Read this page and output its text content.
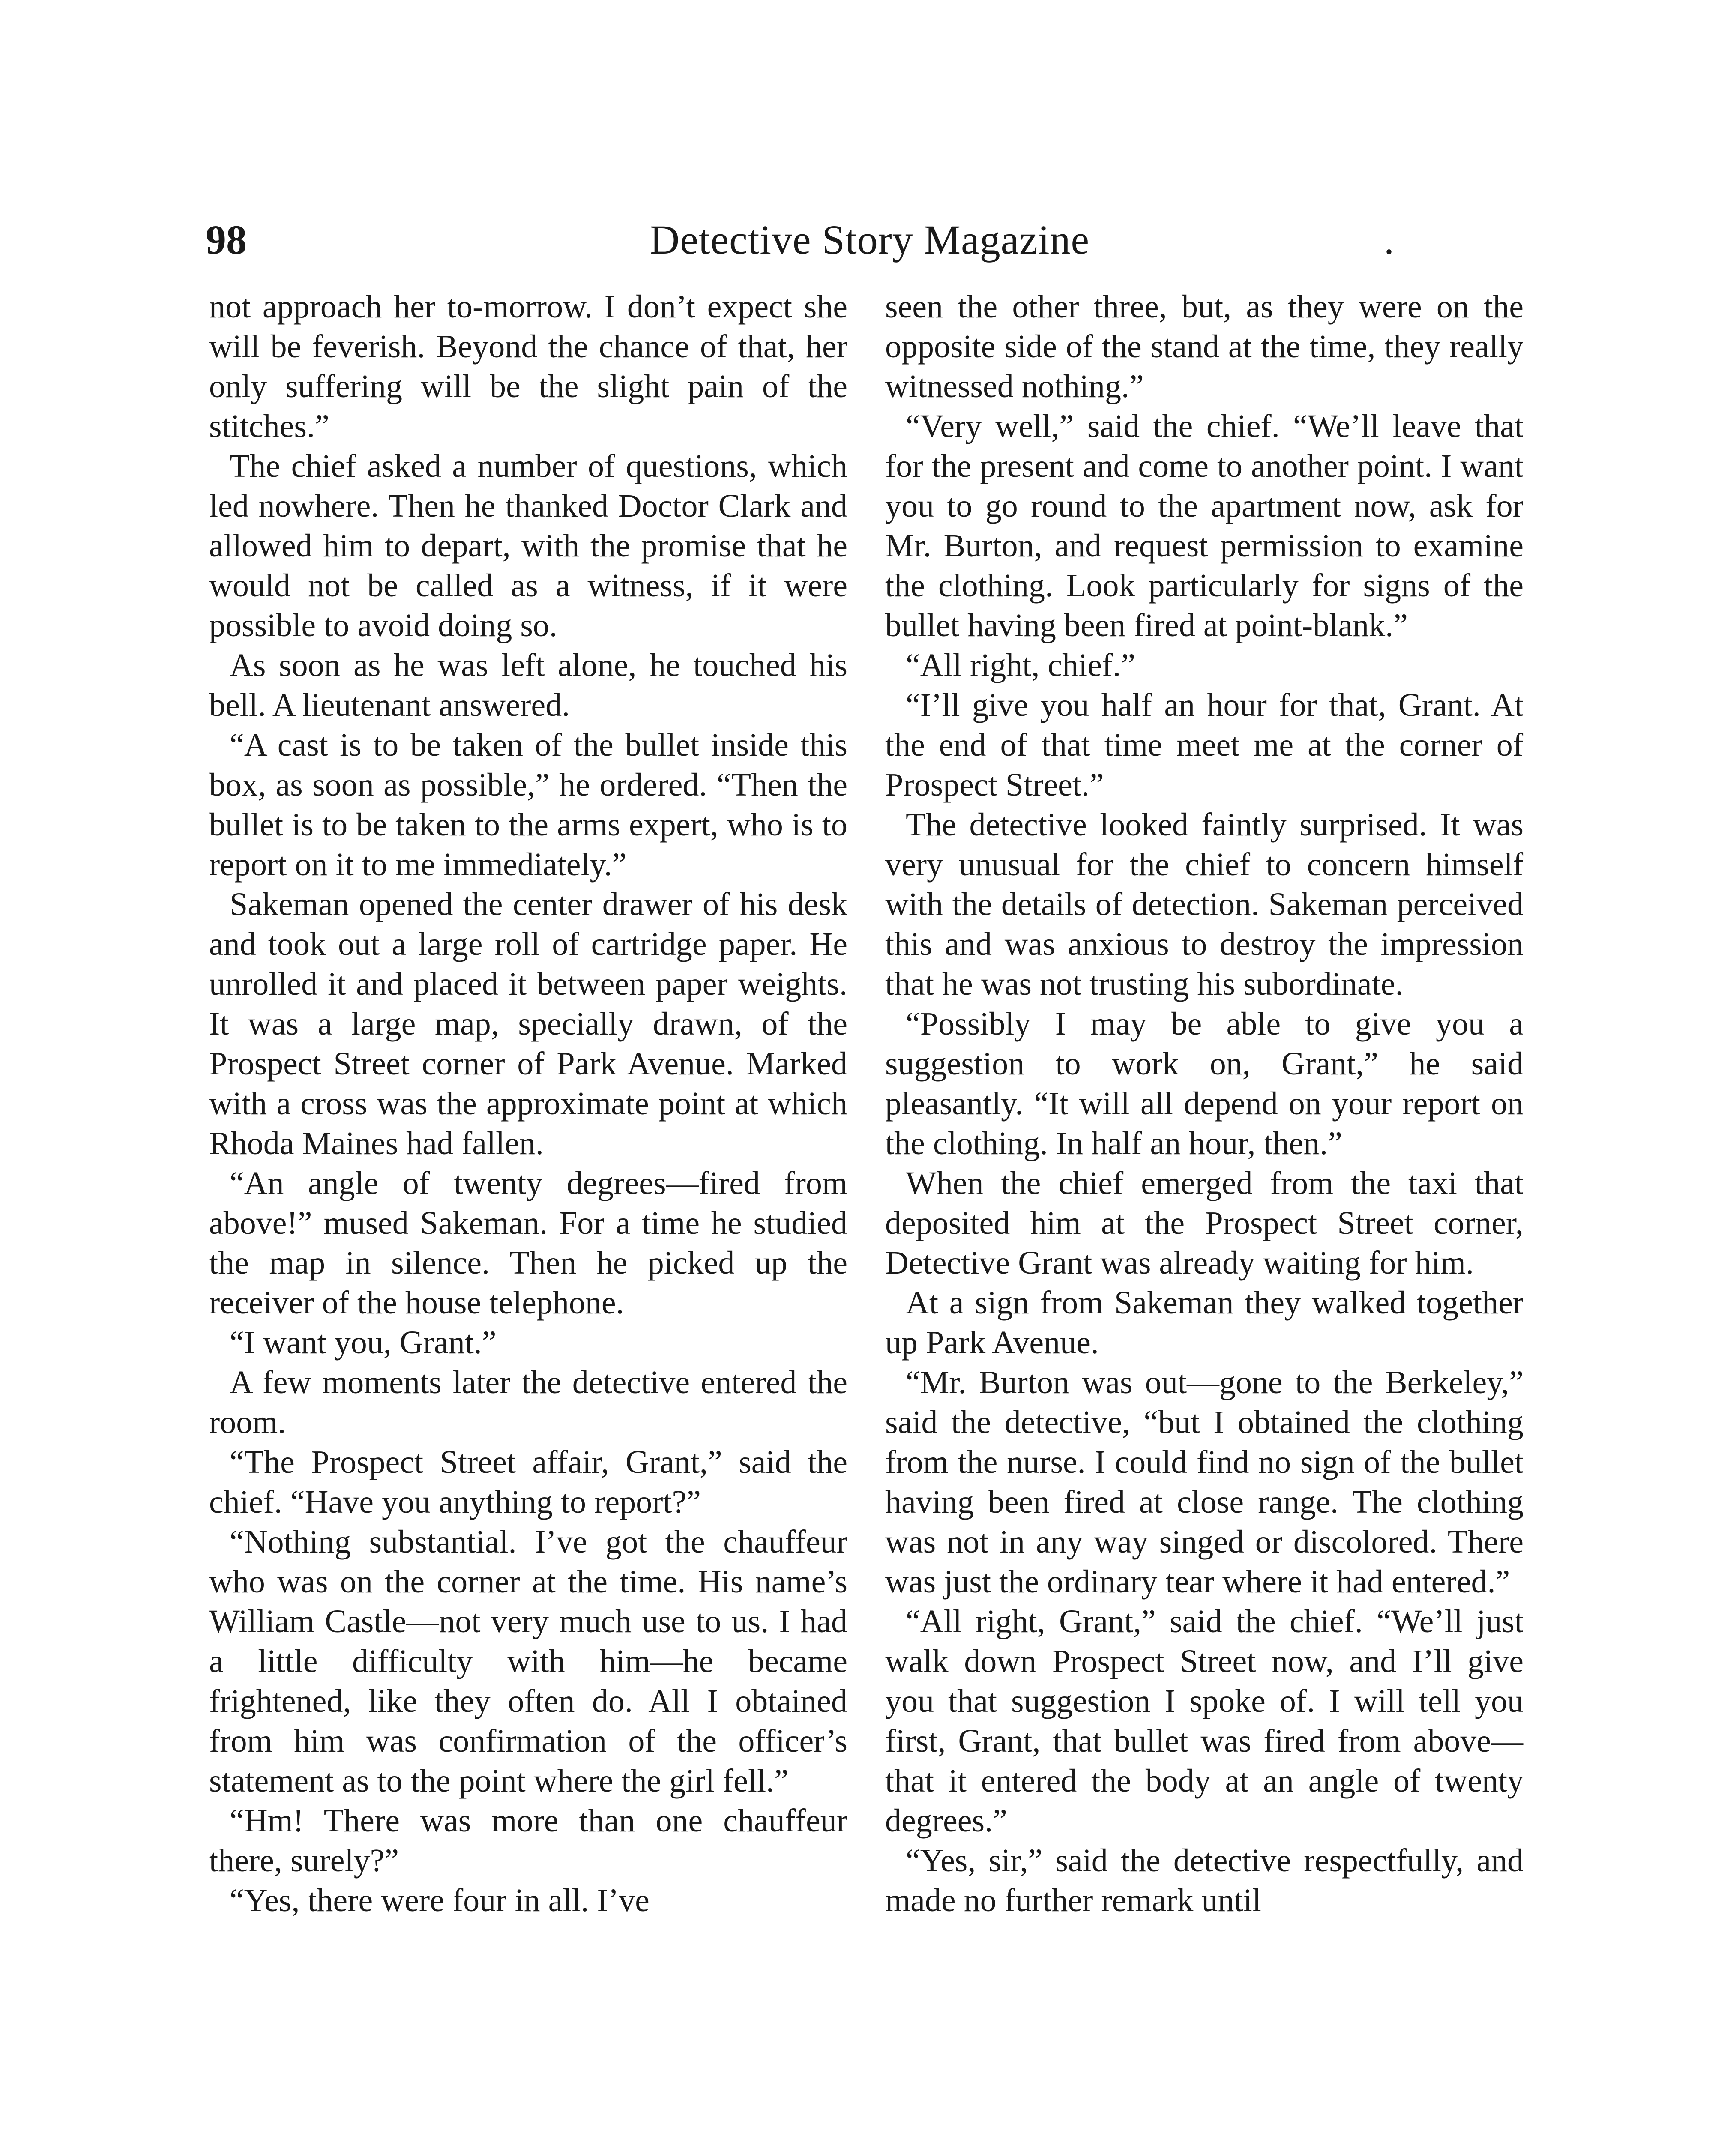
98	Detective Story Magazine	.

not approach her to-morrow. I don’t expect she will be feverish. Beyond the chance of that, her only suffering will be the slight pain of the stitches.”

The chief asked a number of questions, which led nowhere. Then he thanked Doctor Clark and allowed him to depart, with the promise that he would not be called as a witness, if it were possible to avoid doing so.

As soon as he was left alone, he touched his bell. A lieutenant answered.

“A cast is to be taken of the bullet inside this box, as soon as possible,” he ordered. “Then the bullet is to be taken to the arms expert, who is to report on it to me immediately.”

Sakeman opened the center drawer of his desk and took out a large roll of cartridge paper. He unrolled it and placed it between paper weights. It was a large map, specially drawn, of the Prospect Street corner of Park Avenue. Marked with a cross was the approximate point at which Rhoda Maines had fallen.

“An angle of twenty degrees—fired from above!” mused Sakeman. For a time he studied the map in silence. Then he picked up the receiver of the house telephone.

“I want you, Grant.”

A few moments later the detective entered the room.

“The Prospect Street affair, Grant,” said the chief. “Have you anything to report?”

“Nothing substantial. I’ve got the chauffeur who was on the corner at the time. His name’s William Castle—not very much use to us. I had a little difficulty with him—he became frightened, like they often do. All I obtained from him was confirmation of the officer’s statement as to the point where the girl fell.”

“Hm! There was more than one chauffeur there, surely?”

“Yes, there were four in all. I’ve

seen the other three, but, as they were on the opposite side of the stand at the time, they really witnessed nothing.”

“Very well,” said the chief. “We’ll leave that for the present and come to another point. I want you to go round to the apartment now, ask for Mr. Burton, and request permission to examine the clothing. Look particularly for signs of the bullet having been fired at point-blank.”

“All right, chief.”

“I’ll give you half an hour for that, Grant. At the end of that time meet me at the corner of Prospect Street.”

The detective looked faintly surprised. It was very unusual for the chief to concern himself with the details of detection. Sakeman perceived this and was anxious to destroy the impression that he was not trusting his subordinate.

“Possibly I may be able to give you a suggestion to work on, Grant,” he said pleasantly. “It will all depend on your report on the clothing. In half an hour, then.”

When the chief emerged from the taxi that deposited him at the Prospect Street corner, Detective Grant was already waiting for him.

At a sign from Sakeman they walked together up Park Avenue.

“Mr. Burton was out—gone to the Berkeley,” said the detective, “but I obtained the clothing from the nurse. I could find no sign of the bullet having been fired at close range. The clothing was not in any way singed or discolored. There was just the ordinary tear where it had entered.”

“All right, Grant,” said the chief. “We’ll just walk down Prospect Street now, and I’ll give you that suggestion I spoke of. I will tell you first, Grant, that bullet was fired from above—that it entered the body at an angle of twenty degrees.”

“Yes, sir,” said the detective respectfully, and made no further remark until
